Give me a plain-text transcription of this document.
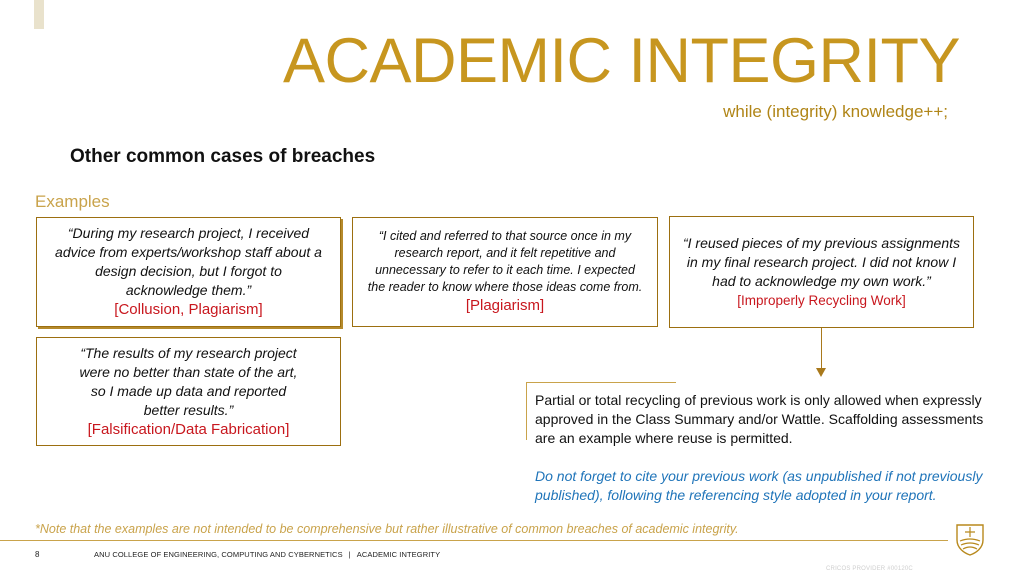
ACADEMIC INTEGRITY
while (integrity) knowledge++;
Other common cases of breaches
Examples
“During my research project, I received
advice from experts/workshop staff about a
design decision, but I forgot to
acknowledge them.”
[Collusion, Plagiarism]
“I cited and referred to that source once in my
research report, and it felt repetitive and
unnecessary to refer to it each time. I expected
the reader to know where those ideas come from.
[Plagiarism]
“I reused pieces of my previous assignments
in my final research project. I did not know I
had to acknowledge my own work.”
[Improperly Recycling Work]
“The results of my research project
were no better than state of the art,
so I made up data and reported
better results.”
[Falsification/Data Fabrication]
Partial or total recycling of previous work is only allowed when expressly
approved in the Class Summary and/or Wattle. Scaffolding assessments
are an example where reuse is permitted.
Do not forget to cite your previous work (as unpublished if not previously
published), following the referencing style adopted in your report.
*Note that the examples are not intended to be comprehensive but rather illustrative of common breaches of academic integrity.
8	ANU COLLEGE OF ENGINEERING, COMPUTING AND CYBERNETICS | ACADEMIC INTEGRITY
CRICOS PROVIDER #00120C
